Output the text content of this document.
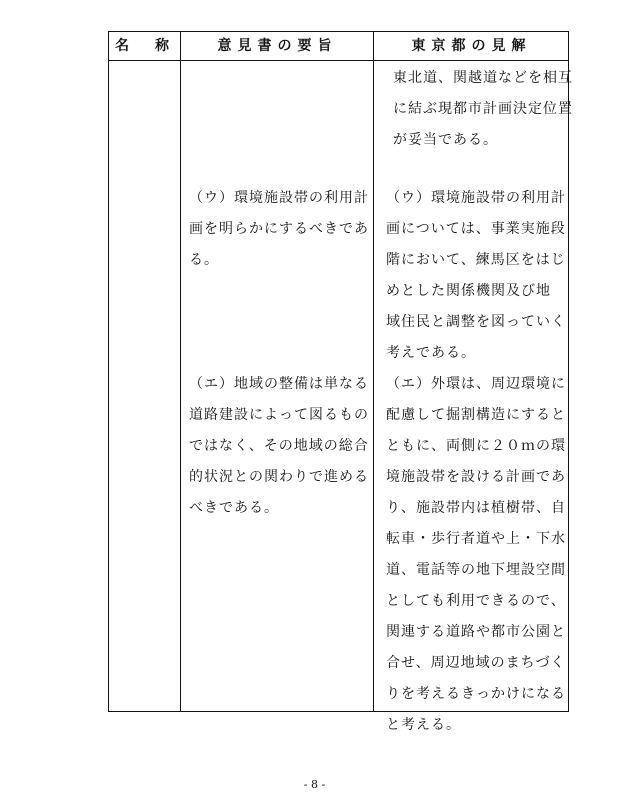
名　称	意見書の要旨	東京都の見解
東北道、関越道などを相互
に結ぶ現都市計画決定位置
が妥当である。
（ウ）環境施設帯の利用計
画を明らかにするべきであ
る。
（ウ）環境施設帯の利用計
画については、事業実施段
階において、練馬区をはじ
めとした関係機関及び地
域住民と調整を図っていく
考えである。
（エ）地域の整備は単なる
道路建設によって図るもの
ではなく、その地域の総合
的状況との関わりで進める
べきである。
（エ）外環は、周辺環境に
配慮して掘割構造にすると
ともに、両側に２０ｍの環
境施設帯を設ける計画であ
り、施設帯内は植樹帯、自
転車・歩行者道や上・下水
道、電話等の地下埋設空間
としても利用できるので、
関連する道路や都市公園と
合せ、周辺地域のまちづく
りを考えるきっかけになる
と考える。
- 8 -
